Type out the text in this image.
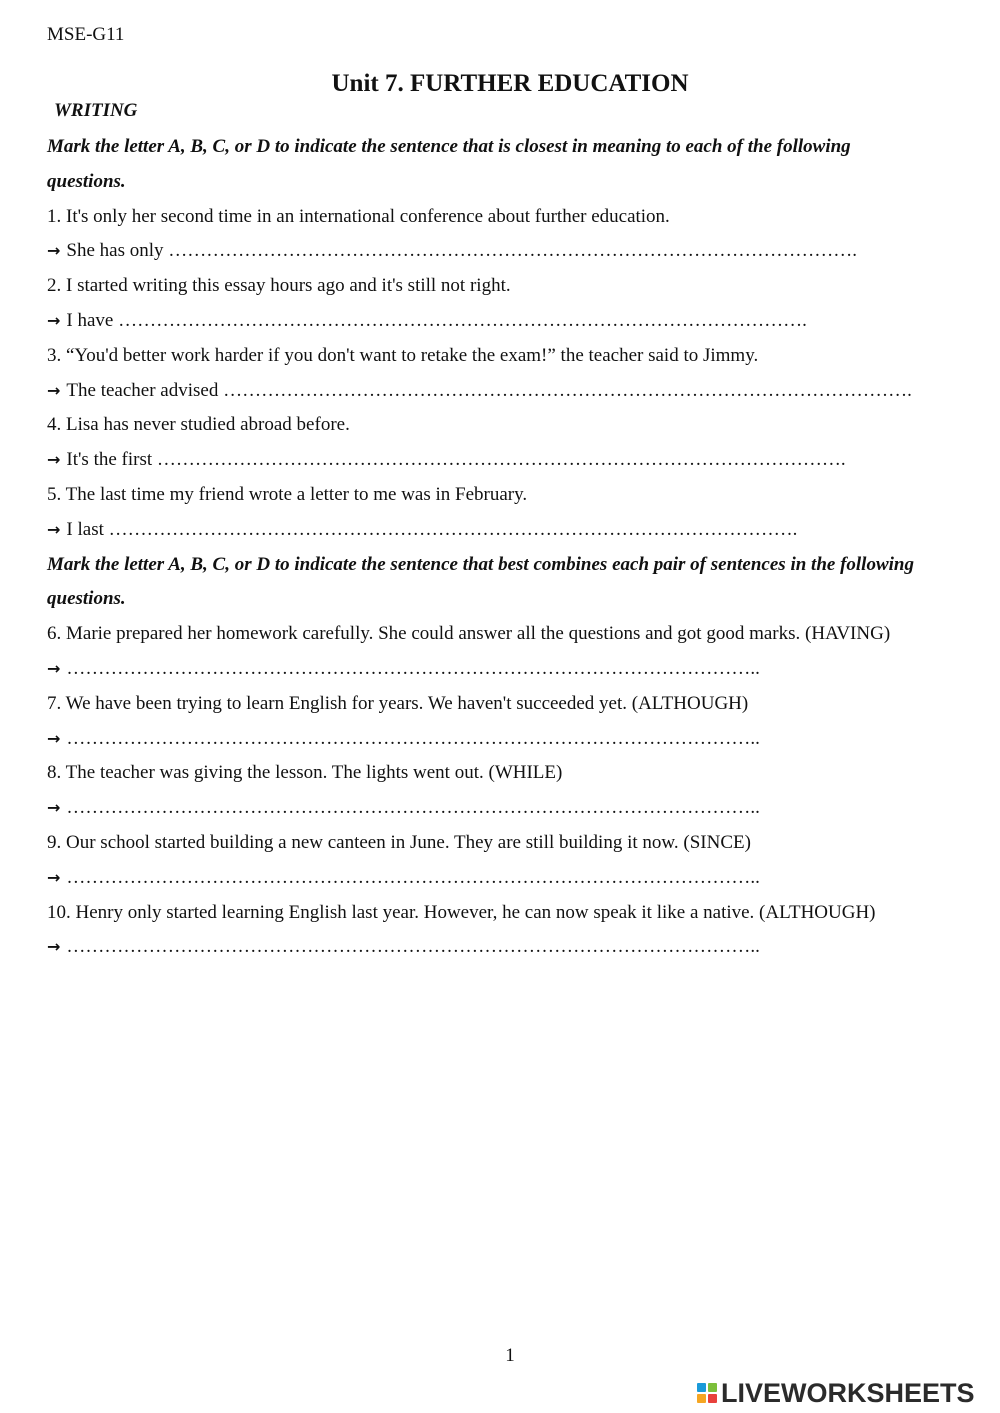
MSE-G11
Unit 7. FURTHER EDUCATION
WRITING
Mark the letter A, B, C, or D to indicate the sentence that is closest in meaning to each of the following
questions.
1. It's only her second time in an international conference about further education.
→ She has only ……………………………………………………………………………………………….
2. I started writing this essay hours ago and it's still not right.
→ I have ……………………………………………………………………………………………….
3. “You'd better work harder if you don't want to retake the exam!” the teacher said to Jimmy.
→ The teacher advised ……………………………………………………………………………………………….
4. Lisa has never studied abroad before.
→ It's the first ……………………………………………………………………………………………….
5. The last time my friend wrote a letter to me was in February.
→ I last ……………………………………………………………………………………………….
Mark the letter A, B, C, or D to indicate the sentence that best combines each pair of sentences in the following
questions.
6. Marie prepared her homework carefully. She could answer all the questions and got good marks. (HAVING)
→ ………………………………………………………………………………………………..
7. We have been trying to learn English for years. We haven't succeeded yet. (ALTHOUGH)
→ ………………………………………………………………………………………………..
8. The teacher was giving the lesson. The lights went out. (WHILE)
→ ………………………………………………………………………………………………..
9. Our school started building a new canteen in June. They are still building it now. (SINCE)
→ ………………………………………………………………………………………………..
10. Henry only started learning English last year. However, he can now speak it like a native. (ALTHOUGH)
→ ………………………………………………………………………………………………..
1
LIVEWORKSHEETS
